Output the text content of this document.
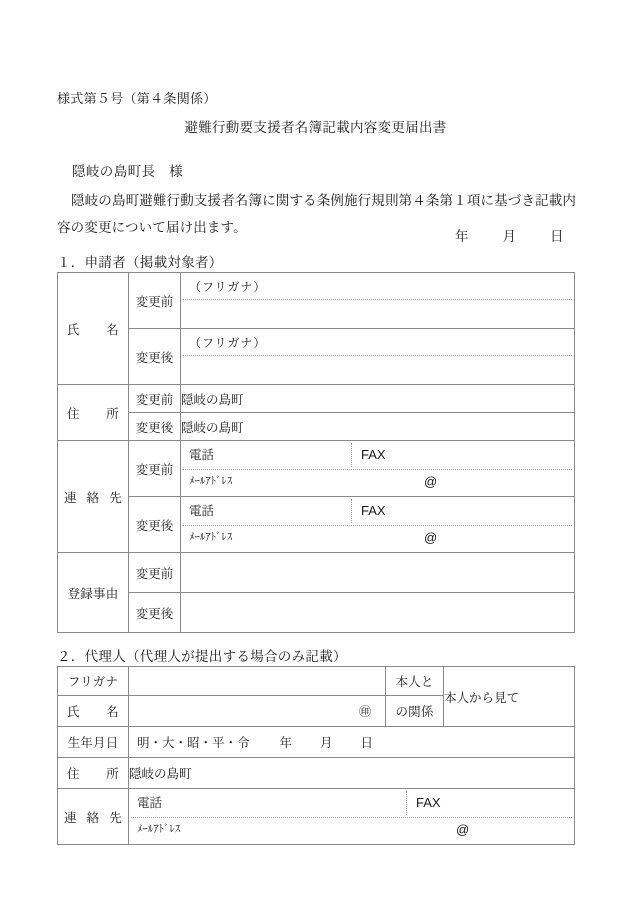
様式第５号（第４条関係）
避難行動要支援者名簿記載内容変更届出書
隠岐の島町長　様
隠岐の島町避難行動支援者名簿に関する条例施行規則第４条第１項に基づき記載内容の変更について届け出ます。
年	月	日
１．申請者（掲載対象者）
氏名	変更前	（フリガナ）

	変更後	（フリガナ）

住所	変更前	隠岐の島町
	変更後	隠岐の島町

連絡先	変更前	電話 FAX
ﾒｰﾙｱﾄﾞﾚｽ @

	変更後	電話 FAX
ﾒｰﾙｱﾄﾞﾚｽ @

登録事由	変更前	
	変更後	
２．代理人（代理人が提出する場合のみ記載）
フリガナ		本人と	本人から見て

氏名	㊞	の関係	
生年月日	明・大・昭・平・令 年 月 日		

住所	隠岐の島町		

連絡先	電話 FAX
ﾒｰﾙｱﾄﾞﾚｽ @		
